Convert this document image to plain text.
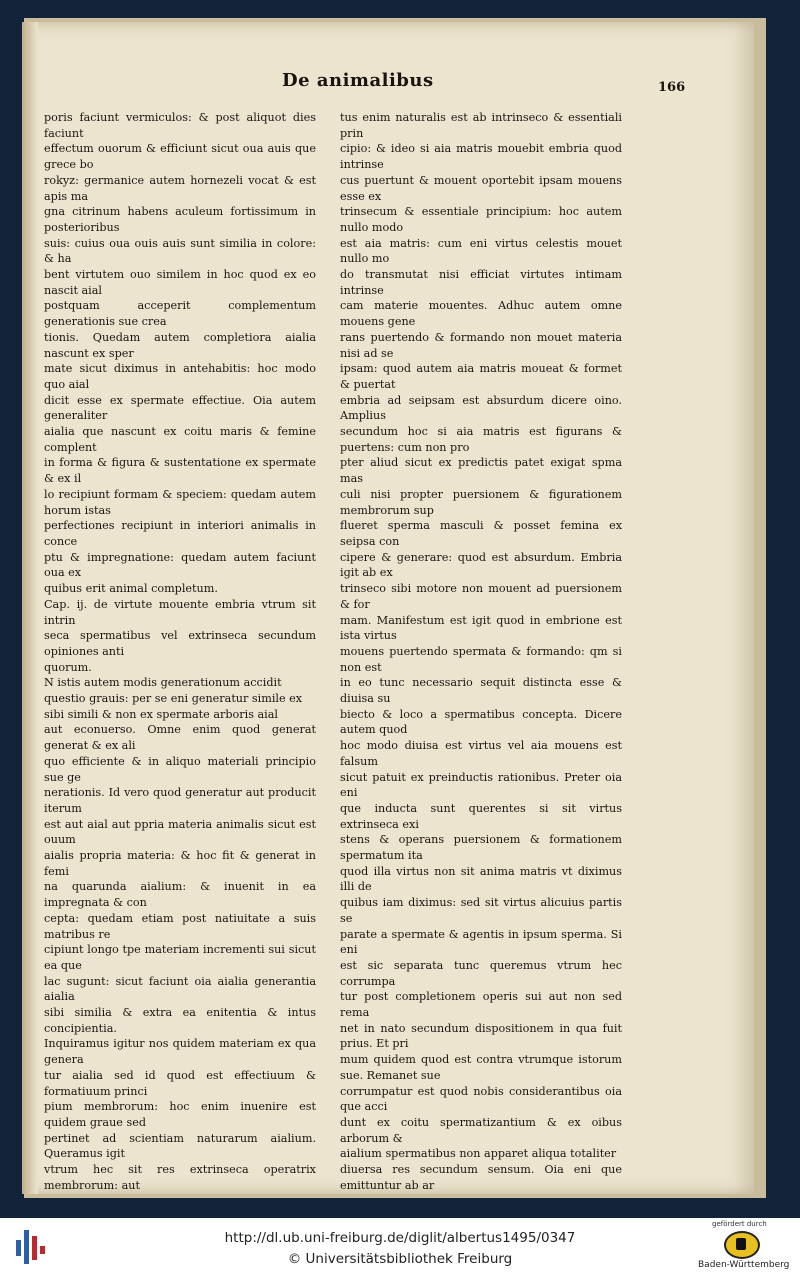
De animalibus	166

poris faciunt vermiculos: & post aliquot dies faciunt

effectum ouorum & efficiunt sicut oua auis que grece bo

rokyz: germanice autem hornezeli vocat & est apis ma

gna citrinum habens aculeum fortissimum in posterioribus

suis: cuius oua ouis auis sunt similia in colore: & ha

bent virtutem ouo similem in hoc quod ex eo nascit aial

postquam acceperit complementum generationis sue crea

tionis. Quedam autem completiora aialia nascunt ex sper

mate sicut diximus in antehabitis: hoc modo quo aial

dicit esse ex spermate effectiue. Oia autem generaliter

aialia que nascunt ex coitu maris & femine complent

in forma & figura & sustentatione ex spermate & ex il

lo recipiunt formam & speciem: quedam autem horum istas

perfectiones recipiunt in interiori animalis in conce

ptu & impregnatione: quedam autem faciunt oua ex

quibus erit animal completum.

Cap. ij. de virtute mouente embria vtrum sit intrin

seca spermatibus vel extrinseca secundum opiniones anti

quorum.

N istis autem modis generationum accidit

questio grauis: per se eni generatur simile ex

sibi simili & non ex spermate arboris aial

aut econuerso. Omne enim quod generat generat & ex ali

quo efficiente & in aliquo materiali principio sue ge

nerationis. Id vero quod generatur aut producit iterum

est aut aial aut ppria materia animalis sicut est ouum

aialis propria materia: & hoc fit & generat in femi

na quarunda aialium: & inuenit in ea impregnata & con

cepta: quedam etiam post natiuitate a suis matribus re

cipiunt longo tpe materiam incrementi sui sicut ea que

lac sugunt: sicut faciunt oia aialia generantia aialia

sibi similia & extra ea enitentia & intus concipientia.

Inquiramus igitur nos quidem materiam ex qua genera

tur aialia sed id quod est effectiuum & formatiuum princi

pium membrorum: hoc enim inuenire est quidem graue sed

pertinet ad scientiam naturarum aialium. Queramus igit

vtrum hec sit res extrinseca operatrix membrorum: aut

tus enim naturalis est ab intrinseco & essentiali prin

cipio: & ideo si aia matris mouebit embria quod intrinse

cus puertunt & mouent oportebit ipsam mouens esse ex

trinsecum & essentiale principium: hoc autem nullo modo

est aia matris: cum eni virtus celestis mouet nullo mo

do transmutat nisi efficiat virtutes intimam intrinse

cam materie mouentes. Adhuc autem omne mouens gene

rans puertendo & formando non mouet materia nisi ad se

ipsam: quod autem aia matris moueat & formet & puertat

embria ad seipsam est absurdum dicere oino. Amplius

secundum hoc si aia matris est figurans & puertens: cum non pro

pter aliud sicut ex predictis patet exigat spma mas

culi nisi propter puersionem & figurationem membrorum sup

flueret sperma masculi & posset femina ex seipsa con

cipere & generare: quod est absurdum. Embria igit ab ex

trinseco sibi motore non mouent ad puersionem & for

mam. Manifestum est igit quod in embrione est ista virtus

mouens puertendo spermata & formando: qm si non est

in eo tunc necessario sequit distincta esse & diuisa su

biecto & loco a spermatibus concepta. Dicere autem quod

hoc modo diuisa est virtus vel aia mouens est falsum

sicut patuit ex preinductis rationibus. Preter oia eni

que inducta sunt querentes si sit virtus extrinseca exi

stens & operans puersionem & formationem spermatum ita

quod illa virtus non sit anima matris vt diximus illi de

quibus iam diximus: sed sit virtus alicuius partis se

parate a spermate & agentis in ipsum sperma. Si eni

est sic separata tunc queremus vtrum hec corrumpa

tur post completionem operis sui aut non sed rema

net in nato secundum dispositionem in qua fuit prius. Et pri

mum quidem quod est contra vtrumque istorum sue. Remanet sue

corrumpatur est quod nobis considerantibus oia que acci

dunt ex coitu spermatizantium & ex oibus arborum &

aialium spermatibus non apparet aliqua totaliter

diuersa res secundum sensum. Oia eni que emittuntur ab ar

http://dl.ub.uni-freiburg.de/diglit/albertus1495/0347
© Universitätsbibliothek Freiburg
gefördert durch
Baden-Württemberg
